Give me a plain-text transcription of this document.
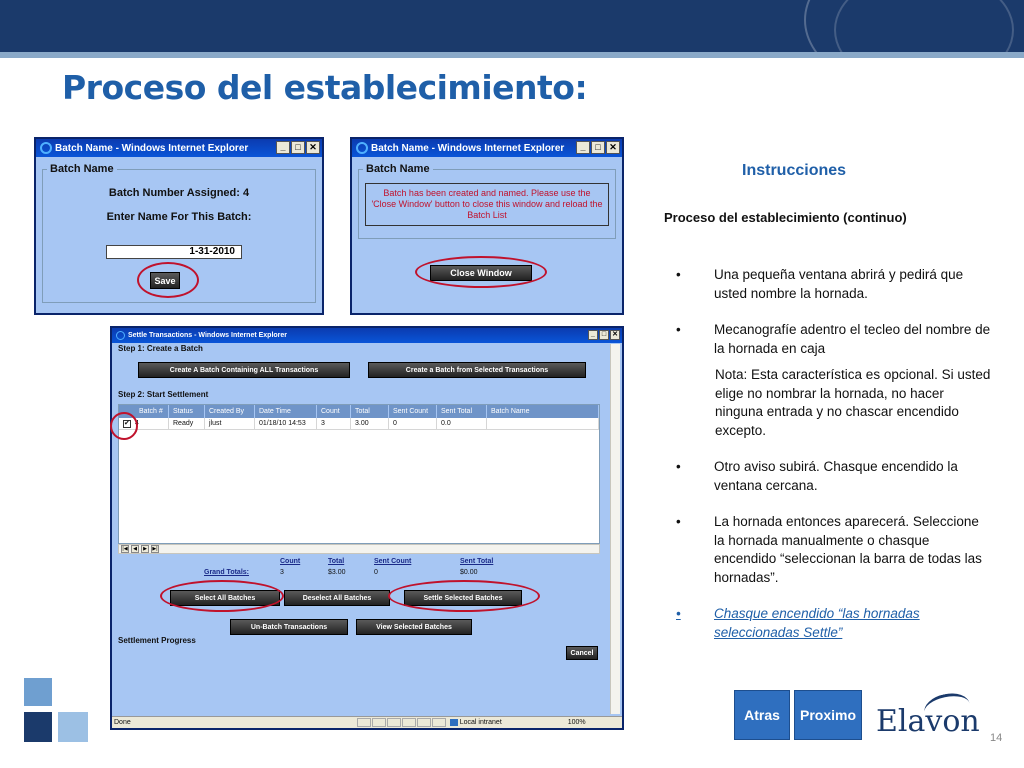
Proceso del establecimiento:
Batch Name - Windows Internet Explorer	_	□ ✕
Batch Name
Batch Number Assigned: 4
Enter Name For This Batch:
1-31-2010
Save
Batch Name - Windows Internet Explorer	_	□ ✕
Batch Name
Batch has been created and named. Please use the 'Close Window' button to close this window and reload the Batch List
Close Window
Settle Transactions - Windows Internet Explorer	_ □ ✕
Step 1: Create a Batch
Create A Batch Containing ALL Transactions	Create a Batch from Selected Transactions
Step 2: Start Settlement
Batch #	Status	Created By	Date Time	Count	Total	Sent Count	Sent Total	Batch Name
✔ 4	Ready	jlust	01/18/10 14:53	3	3.00	0	0.0
|◀	◀	▶	▶|
Count	Total	Sent Count	Sent Total
Grand Totals:	3	$3.00	0	$0.00
Select All Batches	Deselect All Batches	Settle Selected Batches
Un-Batch Transactions	View Selected Batches
Settlement Progress
Cancel
Done	Local intranet	100%
Instrucciones
Proceso del establecimiento (continuo)
•	Una pequeña ventana abrirá y pedirá que usted nombre la hornada.
•	Mecanografíe adentro el tecleo del nombre de la hornada en caja
Nota: Esta característica es opcional. Si usted elige no nombrar la hornada, no hacer ninguna entrada y no chascar encendido excepto.
•	Otro aviso subirá. Chasque encendido la ventana cercana.
•	La hornada entonces aparecerá. Seleccione la hornada manualmente o chasque encendido “seleccionan la barra de todas las hornadas”.
•	Chasque encendido “las hornadas seleccionadas Settle”
Atras	Proximo Elavon 14
